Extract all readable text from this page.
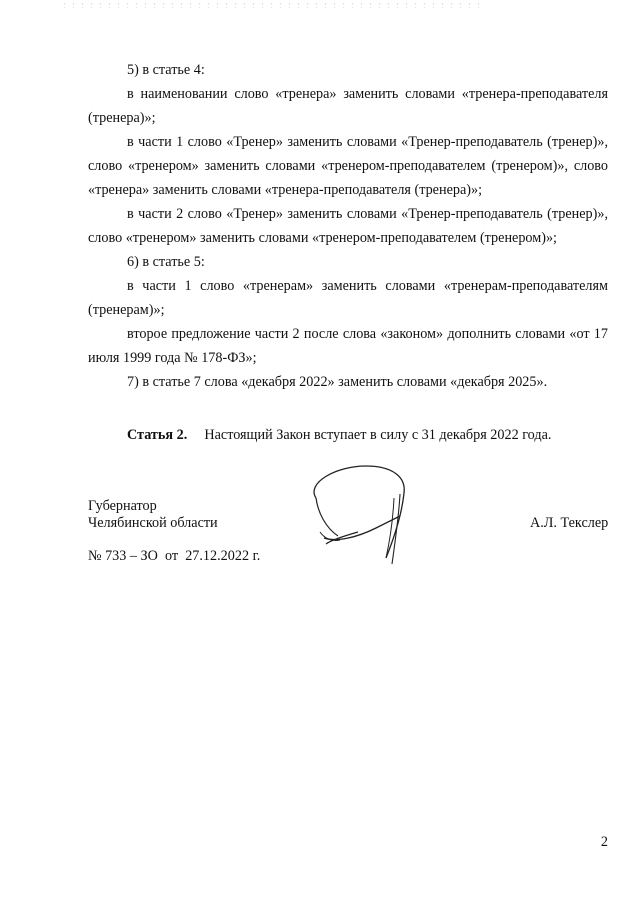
5) в статье 4:

в наименовании слово «тренера» заменить словами «тренера-преподавателя (тренера)»;

в части 1 слово «Тренер» заменить словами «Тренер-преподаватель (тренер)», слово «тренером» заменить словами «тренером-преподавателем (тренером)», слово «тренера» заменить словами «тренера-преподавателя (тренера)»;

в части 2 слово «Тренер» заменить словами «Тренер-преподаватель (тренер)», слово «тренером» заменить словами «тренером-преподавателем (тренером)»;

6) в статье 5:

в части 1 слово «тренерам» заменить словами «тренерам-преподавателям (тренерам)»;

второе предложение части 2 после слова «законом» дополнить словами «от 17 июля 1999 года № 178-ФЗ»;

7) в статье 7 слова «декабря 2022» заменить словами «декабря 2025».

Статья 2. Настоящий Закон вступает в силу с 31 декабря 2022 года.

Губернатор

Челябинской области	А.Л. Текслер

№ 733 – ЗО  от  27.12.2022 г.

2
